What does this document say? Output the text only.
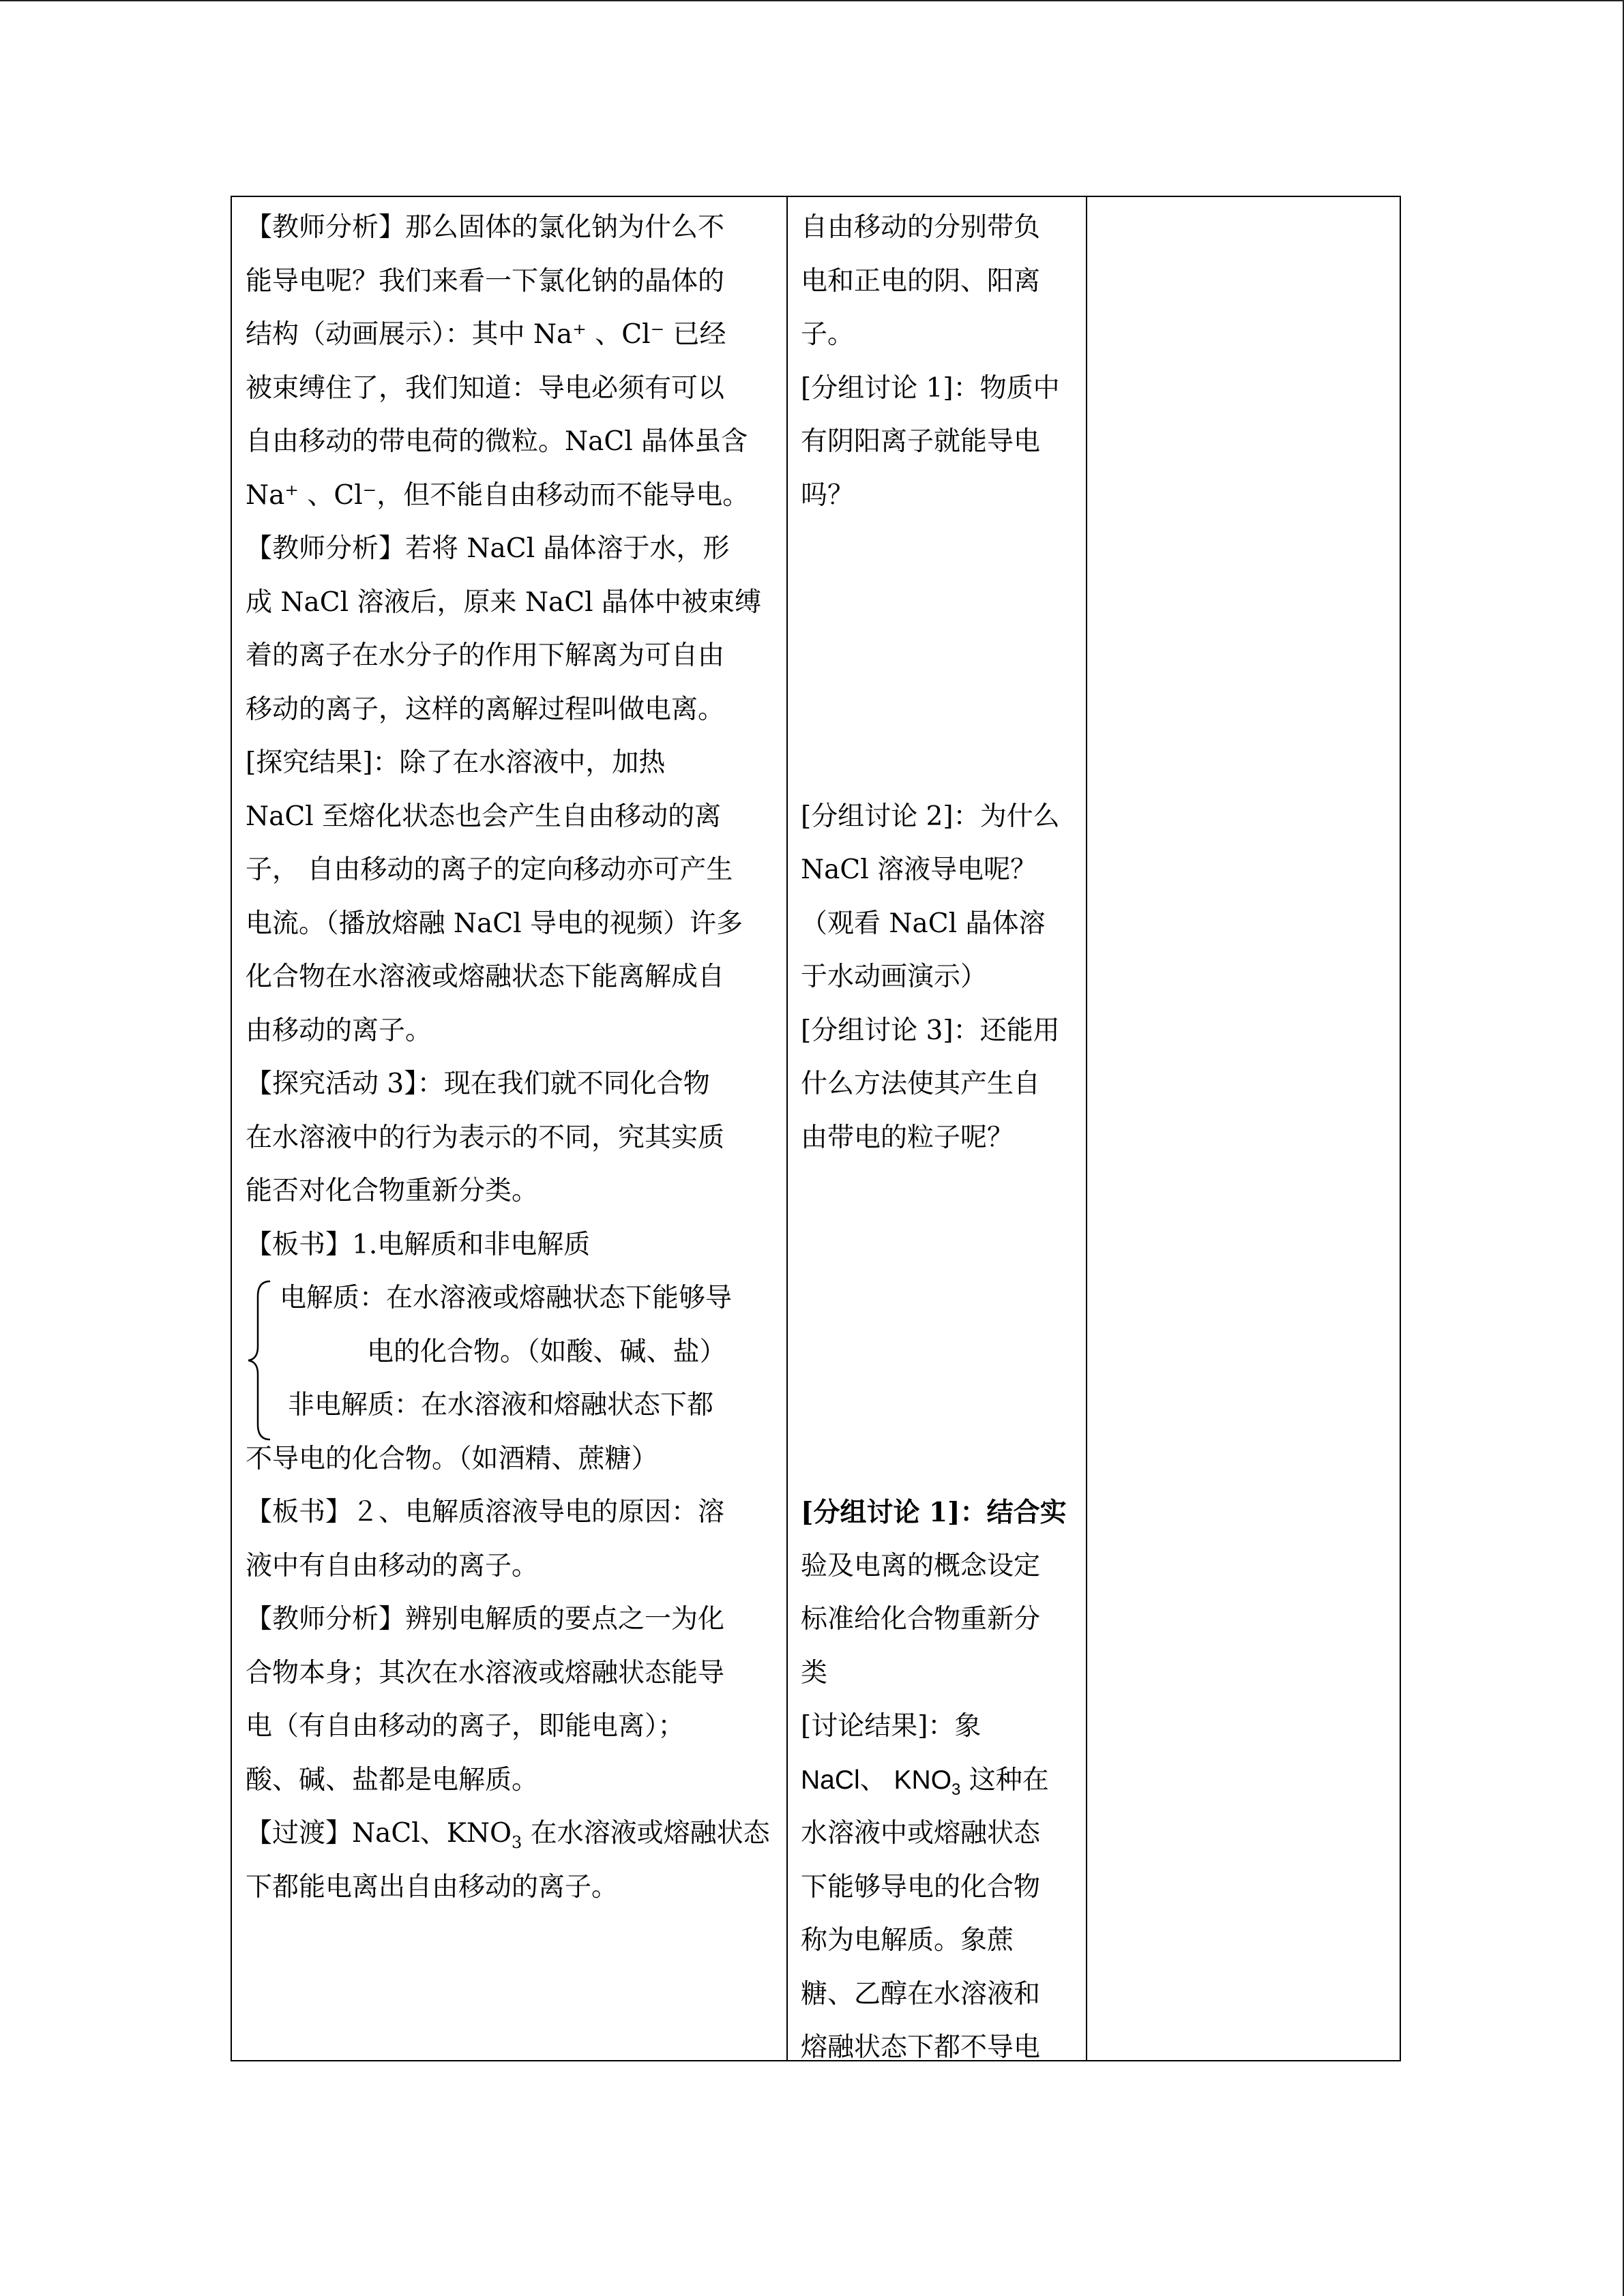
【教师分析】那么固体的氯化钠为什么不
能导电呢？我们来看一下氯化钠的晶体的
结构（动画展示）：其中 Na⁺ 、Cl⁻ 已经
被束缚住了，我们知道：导电必须有可以
自由移动的带电荷的微粒。NaCl 晶体虽含
Na⁺ 、Cl⁻，但不能自由移动而不能导电。
【教师分析】若将 NaCl 晶体溶于水，形
成 NaCl 溶液后，原来 NaCl 晶体中被束缚
着的离子在水分子的作用下解离为可自由
移动的离子，这样的离解过程叫做电离。
[探究结果]：除了在水溶液中，加热
NaCl 至熔化状态也会产生自由移动的离
子， 自由移动的离子的定向移动亦可产生
电流。（播放熔融 NaCl 导电的视频）许多
化合物在水溶液或熔融状态下能离解成自
由移动的离子。
【探究活动 3】：现在我们就不同化合物
在水溶液中的行为表示的不同，究其实质
能否对化合物重新分类。
【板书】1.电解质和非电解质
电解质：在水溶液或熔融状态下能够导
电的化合物。（如酸、碱、盐）
非电解质：在水溶液和熔融状态下都
不导电的化合物。（如酒精、蔗糖）
【板书】２、电解质溶液导电的原因：溶
液中有自由移动的离子。
【教师分析】辨别电解质的要点之一为化
合物本身；其次在水溶液或熔融状态能导
电（有自由移动的离子，即能电离）；
酸、碱、盐都是电解质。
【过渡】NaCl、$KNO_3$ 在水溶液或熔融状态
下都能电离出自由移动的离子。
自由移动的分别带负
电和正电的阴、阳离
子。
[分组讨论 1]：物质中
有阴阳离子就能导电
吗？

[分组讨论 2]：为什么
NaCl 溶液导电呢？
（观看 NaCl 晶体溶
于水动画演示）
[分组讨论 3]：还能用
什么方法使其产生自
由带电的粒子呢？

[分组讨论 1]：结合实
验及电离的概念设定
标准给化合物重新分
类
[讨论结果]：象
NaCl、 $KNO_3$ 这种在
水溶液中或熔融状态
下能够导电的化合物
称为电解质。象蔗
糖、乙醇在水溶液和
熔融状态下都不导电
